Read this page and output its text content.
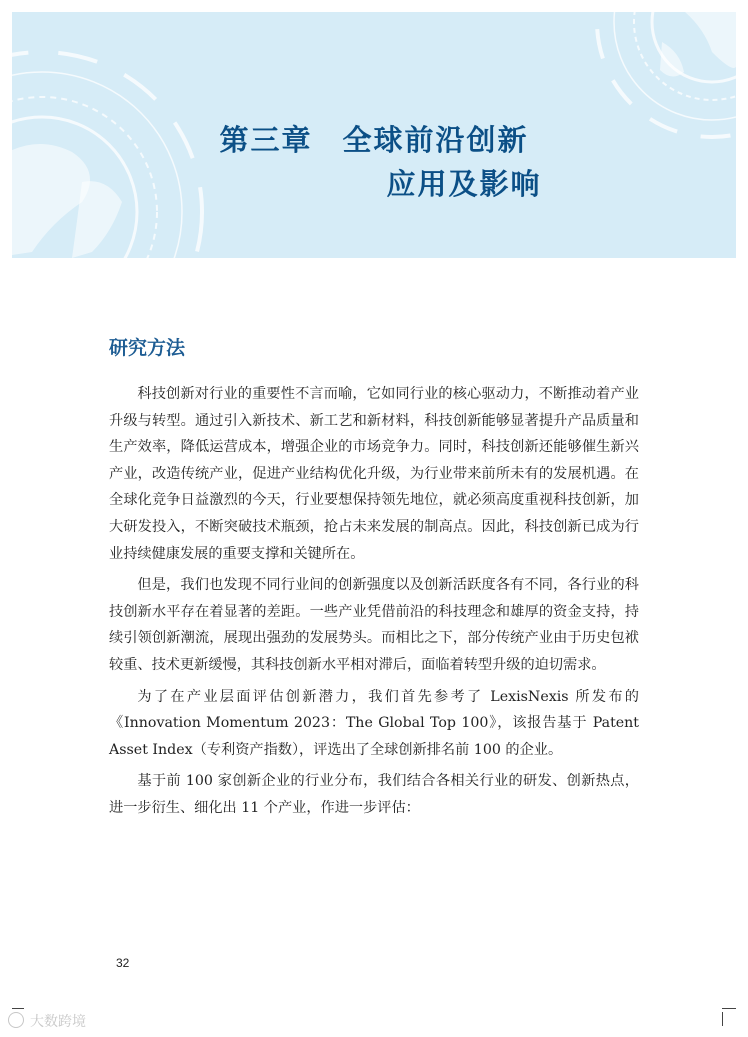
第三章 全球前沿创新
应用及影响
研究方法

科技创新对行业的重要性不言而喻，它如同行业的核心驱动力，不断推动着产业升级与转型。通过引入新技术、新工艺和新材料，科技创新能够显著提升产品质量和生产效率，降低运营成本，增强企业的市场竞争力。同时，科技创新还能够催生新兴产业，改造传统产业，促进产业结构优化升级，为行业带来前所未有的发展机遇。在全球化竞争日益激烈的今天，行业要想保持领先地位，就必须高度重视科技创新，加大研发投入，不断突破技术瓶颈，抢占未来发展的制高点。因此，科技创新已成为行业持续健康发展的重要支撑和关键所在。

但是，我们也发现不同行业间的创新强度以及创新活跃度各有不同，各行业的科技创新水平存在着显著的差距。一些产业凭借前沿的科技理念和雄厚的资金支持，持续引领创新潮流，展现出强劲的发展势头。而相比之下，部分传统产业由于历史包袱较重、技术更新缓慢，其科技创新水平相对滞后，面临着转型升级的迫切需求。

为了在产业层面评估创新潜力，我们首先参考了 LexisNexis 所发布的《Innovation Momentum 2023：The Global Top 100》，该报告基于 Patent Asset Index（专利资产指数），评选出了全球创新排名前 100 的企业。

基于前 100 家创新企业的行业分布，我们结合各相关行业的研发、创新热点，进一步衍生、细化出 11 个产业，作进一步评估：

32
大数跨境
